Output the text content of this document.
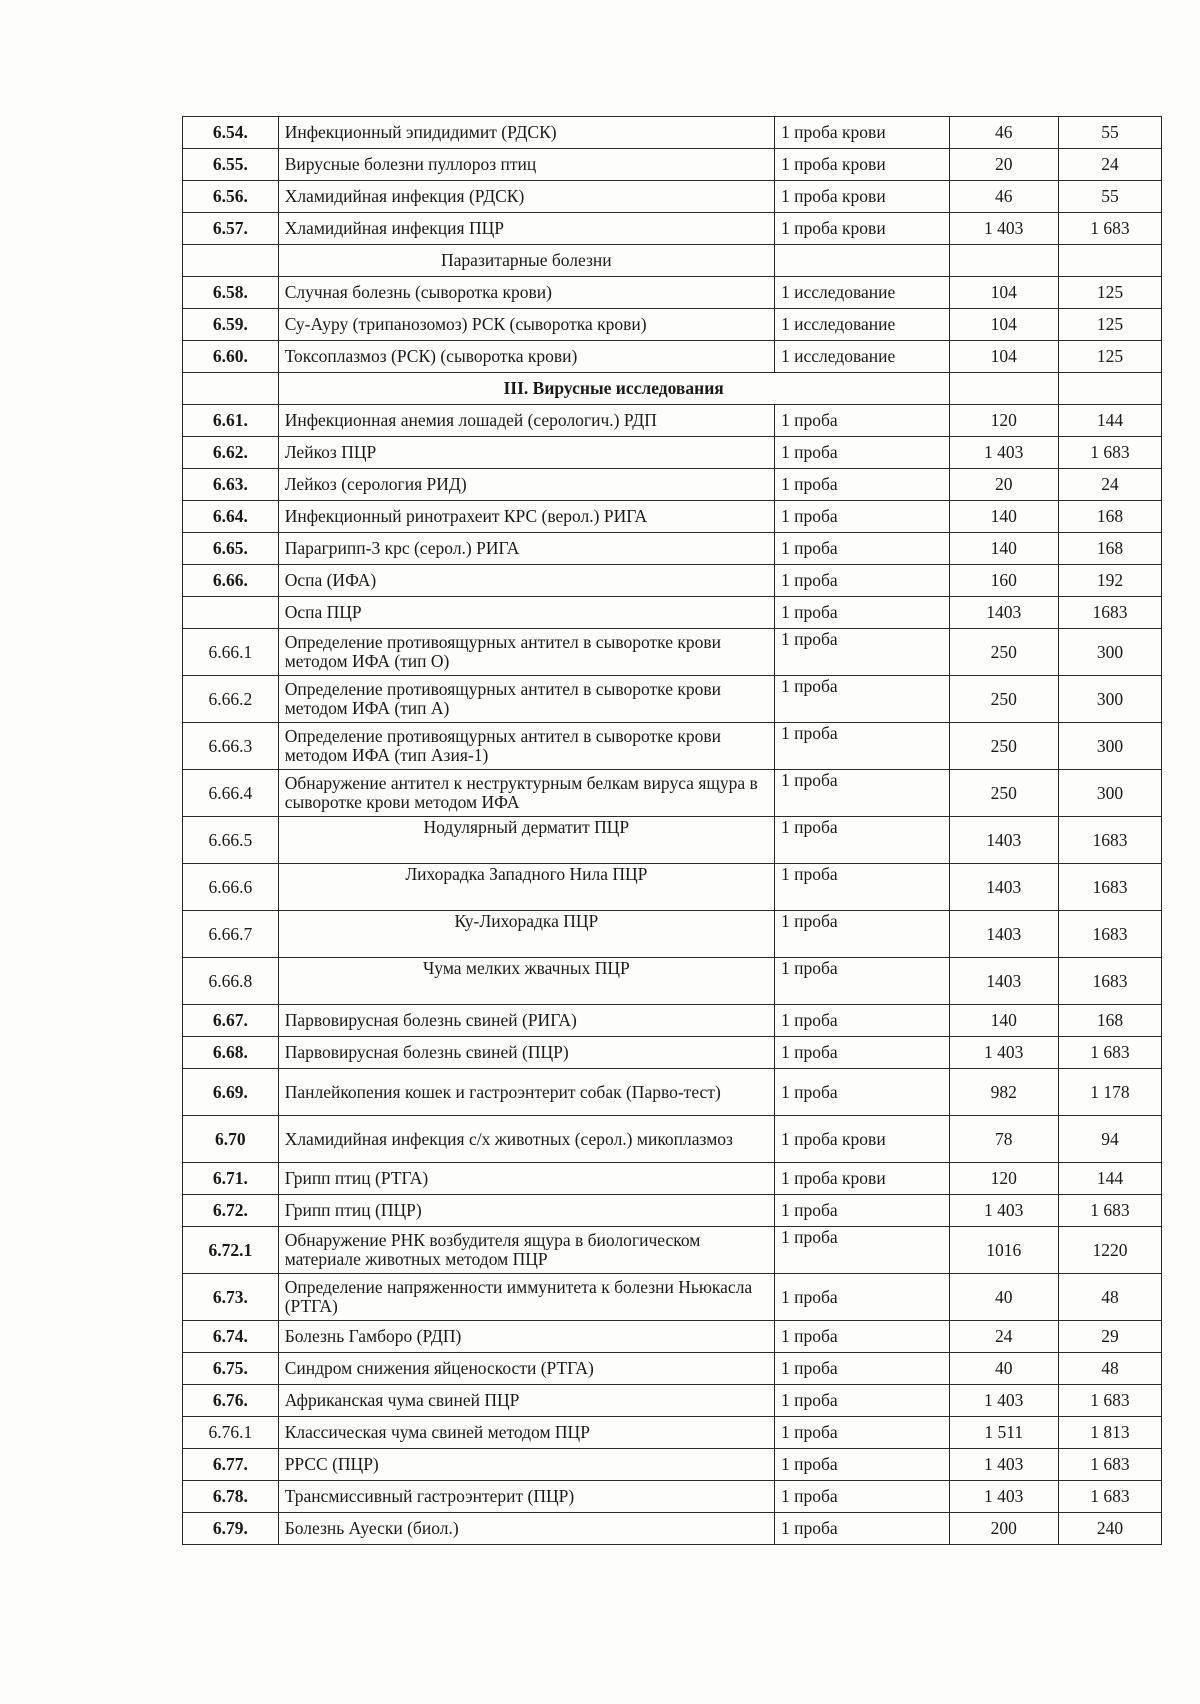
6.54.	Инфекционный эпидидимит (РДСК)	1 проба крови	46	55
6.55.	Вирусные болезни пуллороз птиц	1 проба крови	20	24
6.56.	Хламидийная инфекция (РДСК)	1 проба крови	46	55
6.57.	Хламидийная инфекция ПЦР	1 проба крови	1 403	1 683
	Паразитарные болезни			
6.58.	Случная болезнь (сыворотка крови)	1 исследование	104	125
6.59.	Су-Ауру (трипанозомоз) РСК (сыворотка крови)	1 исследование	104	125
6.60.	Токсоплазмоз (РСК) (сыворотка крови)	1 исследование	104	125
	III. Вирусные исследования			
6.61.	Инфекционная анемия лошадей (серологич.) РДП	1 проба	120	144
6.62.	Лейкоз ПЦР	1 проба	1 403	1 683
6.63.	Лейкоз (серология РИД)	1 проба	20	24
6.64.	Инфекционный ринотрахеит КРС (верол.) РИГА	1 проба	140	168
6.65.	Парагрипп-3 крс (серол.) РИГА	1 проба	140	168
6.66.	Оспа (ИФА)	1 проба	160	192
	Оспа ПЦР	1 проба	1403	1683
6.66.1	Определение противоящурных антител в сыворотке крови методом ИФА (тип О)	1 проба	250	300
6.66.2	Определение противоящурных антител в сыворотке крови методом ИФА (тип А)	1 проба	250	300
6.66.3	Определение противоящурных антител в сыворотке крови методом ИФА (тип Азия-1)	1 проба	250	300
6.66.4	Обнаружение антител к неструктурным белкам вируса ящура в сыворотке крови методом ИФА	1 проба	250	300
6.66.5	Нодулярный дерматит ПЦР	1 проба	1403	1683
6.66.6	Лихорадка Западного Нила ПЦР	1 проба	1403	1683
6.66.7	Ку-Лихорадка ПЦР	1 проба	1403	1683
6.66.8	Чума мелких жвачных ПЦР	1 проба	1403	1683
6.67.	Парвовирусная болезнь свиней (РИГА)	1 проба	140	168
6.68.	Парвовирусная болезнь свиней (ПЦР)	1 проба	1 403	1 683
6.69.	Панлейкопения кошек и гастроэнтерит собак (Парво-тест)	1 проба	982	1 178
6.70	Хламидийная инфекция с/х животных (серол.) микоплазмоз	1 проба крови	78	94
6.71.	Грипп птиц (РТГА)	1 проба крови	120	144
6.72.	Грипп птиц (ПЦР)	1 проба	1 403	1 683
6.72.1	Обнаружение РНК возбудителя ящура в биологическом материале животных методом ПЦР	1 проба	1016	1220
6.73.	Определение напряженности иммунитета к болезни Ньюкасла (РТГА)	1 проба	40	48
6.74.	Болезнь Гамборо (РДП)	1 проба	24	29
6.75.	Синдром снижения яйценоскости (РТГА)	1 проба	40	48
6.76.	Африканская чума свиней ПЦР	1 проба	1 403	1 683
6.76.1	Классическая чума свиней методом ПЦР	1 проба	1 511	1 813
6.77.	РРСС (ПЦР)	1 проба	1 403	1 683
6.78.	Трансмиссивный гастроэнтерит (ПЦР)	1 проба	1 403	1 683
6.79.	Болезнь Ауески (биол.)	1 проба	200	240
